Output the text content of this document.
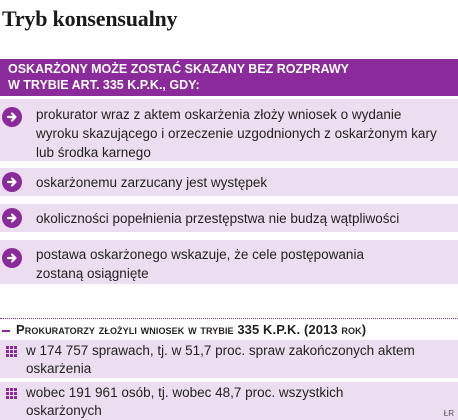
Tryb konsensualny
OSKARŻONY MOŻE ZOSTAĆ SKAZANY BEZ ROZPRAWY
W TRYBIE ART. 335 K.P.K., GDY:
prokurator wraz z aktem oskarżenia złoży wniosek o wydanie
wyroku skazującego i orzeczenie uzgodnionych z oskarżonym kary
lub środka karnego
oskarżonemu zarzucany jest występek
okoliczności popełnienia przestępstwa nie budzą wątpliwości
postawa oskarżonego wskazuje, że cele postępowania
zostaną osiągnięte
Prokuratorzy złożyli wniosek w trybie 335 K.P.K. (2013 rok)
w 174 757 sprawach, tj. w 51,7 proc. spraw zakończonych aktem
oskarżenia
wobec 191 961 osób, tj. wobec 48,7 proc. wszystkich
oskarżonych	ŁR
